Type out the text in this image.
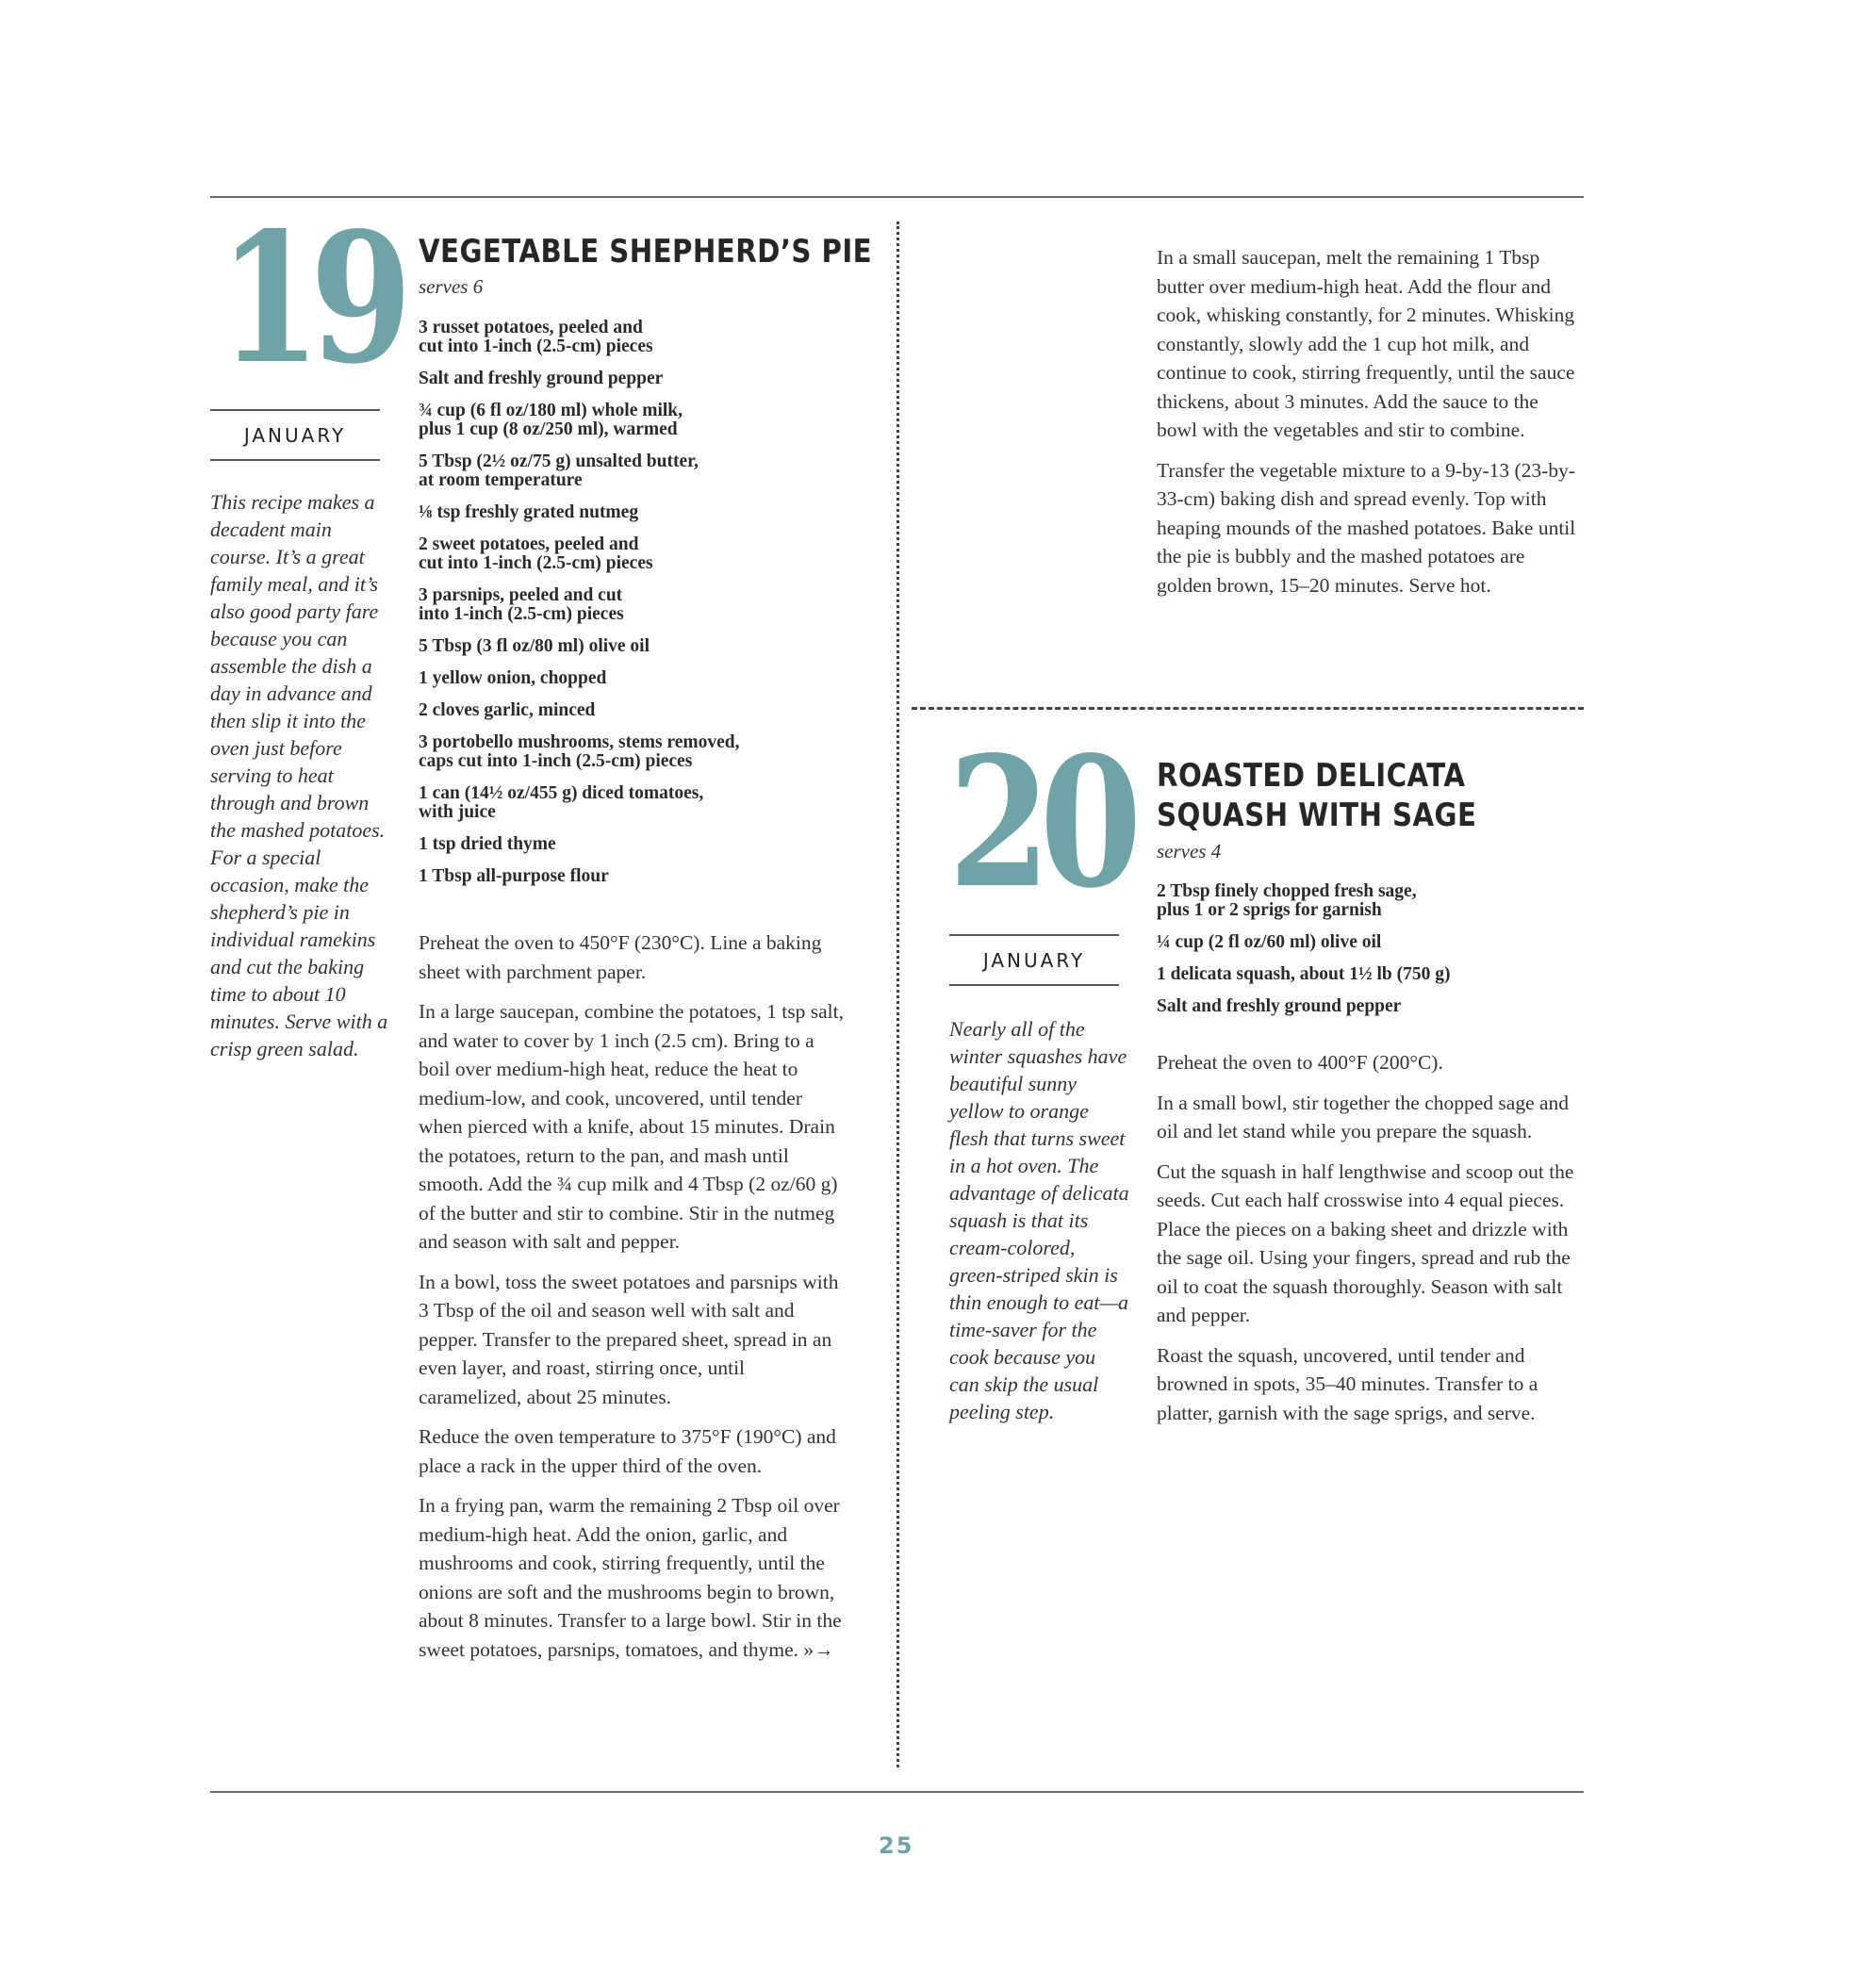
19
JANUARY

This recipe makes a decadent main course. It’s a great family meal, and it’s also good party fare because you can assemble the dish a day in advance and then slip it into the oven just before serving to heat through and brown the mashed potatoes. For a special occasion, make the shepherd’s pie in individual ramekins and cut the baking time to about 10 minutes. Serve with a crisp green salad.

VEGETABLE SHEPHERD’S PIE
serves 6
3 russet potatoes, peeled and
cut into 1-inch (2.5-cm) pieces
Salt and freshly ground pepper
¾ cup (6 fl oz/180 ml) whole milk,
plus 1 cup (8 oz/250 ml), warmed
5 Tbsp (2½ oz/75 g) unsalted butter,
at room temperature
⅛ tsp freshly grated nutmeg
2 sweet potatoes, peeled and
cut into 1-inch (2.5-cm) pieces
3 parsnips, peeled and cut
into 1-inch (2.5-cm) pieces
5 Tbsp (3 fl oz/80 ml) olive oil
1 yellow onion, chopped
2 cloves garlic, minced
3 portobello mushrooms, stems removed,
caps cut into 1-inch (2.5-cm) pieces
1 can (14½ oz/455 g) diced tomatoes,
with juice
1 tsp dried thyme
1 Tbsp all-purpose flour

Preheat the oven to 450°F (230°C). Line a baking sheet with parchment paper.

In a large saucepan, combine the potatoes, 1 tsp salt, and water to cover by 1 inch (2.5 cm). Bring to a boil over medium-high heat, reduce the heat to medium-low, and cook, uncovered, until tender when pierced with a knife, about 15 minutes. Drain the potatoes, return to the pan, and mash until smooth. Add the ¾ cup milk and 4 Tbsp (2 oz/60 g) of the butter and stir to combine. Stir in the nutmeg and season with salt and pepper.

In a bowl, toss the sweet potatoes and parsnips with 3 Tbsp of the oil and season well with salt and pepper. Transfer to the prepared sheet, spread in an even layer, and roast, stirring once, until caramelized, about 25 minutes.

Reduce the oven temperature to 375°F (190°C) and place a rack in the upper third of the oven.

In a frying pan, warm the remaining 2 Tbsp oil over medium-high heat. Add the onion, garlic, and mushrooms and cook, stirring frequently, until the onions are soft and the mushrooms begin to brown, about 8 minutes. Transfer to a large bowl. Stir in the sweet potatoes, parsnips, tomatoes, and thyme. »→

In a small saucepan, melt the remaining 1 Tbsp butter over medium-high heat. Add the flour and cook, whisking constantly, for 2 minutes. Whisking constantly, slowly add the 1 cup hot milk, and continue to cook, stirring frequently, until the sauce thickens, about 3 minutes. Add the sauce to the bowl with the vegetables and stir to combine.

Transfer the vegetable mixture to a 9-by-13 (23-by-33-cm) baking dish and spread evenly. Top with heaping mounds of the mashed potatoes. Bake until the pie is bubbly and the mashed potatoes are golden brown, 15–20 minutes. Serve hot.

20
JANUARY

Nearly all of the winter squashes have beautiful sunny yellow to orange flesh that turns sweet in a hot oven. The advantage of delicata squash is that its cream-colored, green-striped skin is thin enough to eat—a time-saver for the cook because you can skip the usual peeling step.

ROASTED DELICATA
SQUASH WITH SAGE
serves 4
2 Tbsp finely chopped fresh sage,
plus 1 or 2 sprigs for garnish
¼ cup (2 fl oz/60 ml) olive oil
1 delicata squash, about 1½ lb (750 g)
Salt and freshly ground pepper

Preheat the oven to 400°F (200°C).

In a small bowl, stir together the chopped sage and oil and let stand while you prepare the squash.

Cut the squash in half lengthwise and scoop out the seeds. Cut each half crosswise into 4 equal pieces. Place the pieces on a baking sheet and drizzle with the sage oil. Using your fingers, spread and rub the oil to coat the squash thoroughly. Season with salt and pepper.

Roast the squash, uncovered, until tender and browned in spots, 35–40 minutes. Transfer to a platter, garnish with the sage sprigs, and serve.

25
